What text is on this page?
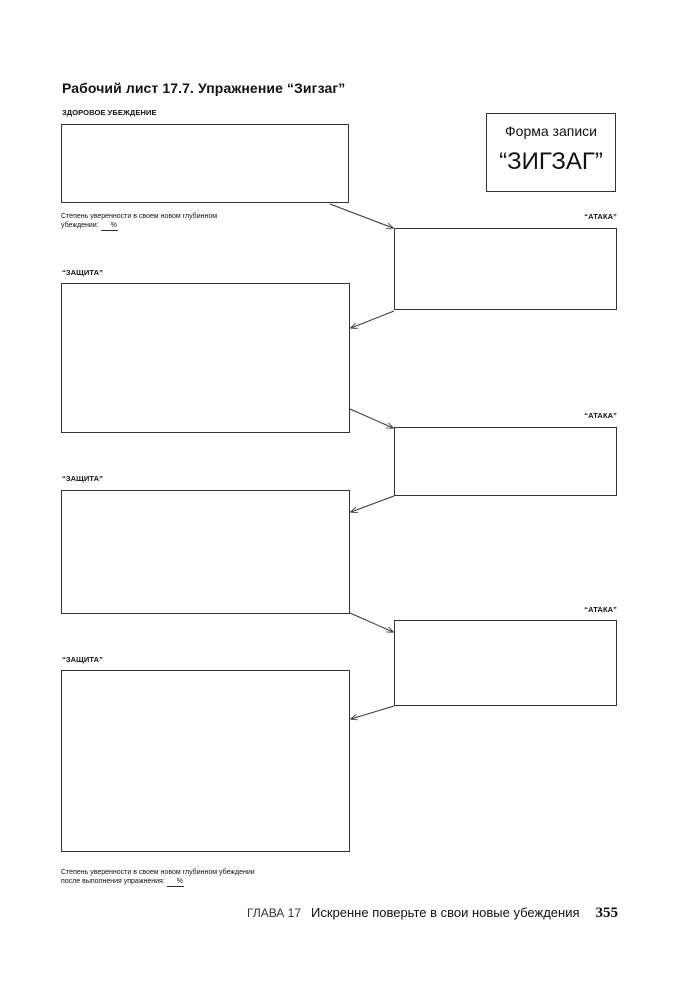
Рабочий лист 17.7. Упражнение “Зигзаг”
ЗДОРОВОЕ УБЕЖДЕНИЕ
Степень уверенности в своем новом глубинном
убеждении: %
Форма записи
“ЗИГЗАГ”
“АТАКА”
“ЗАЩИТА”
“АТАКА”
“ЗАЩИТА”
“АТАКА”
“ЗАЩИТА”
Степень уверенности в своем новом глубинном убеждении
после выполнения упражнения: %
ГЛАВА 17 Искренне поверьте в свои новые убеждения 355
